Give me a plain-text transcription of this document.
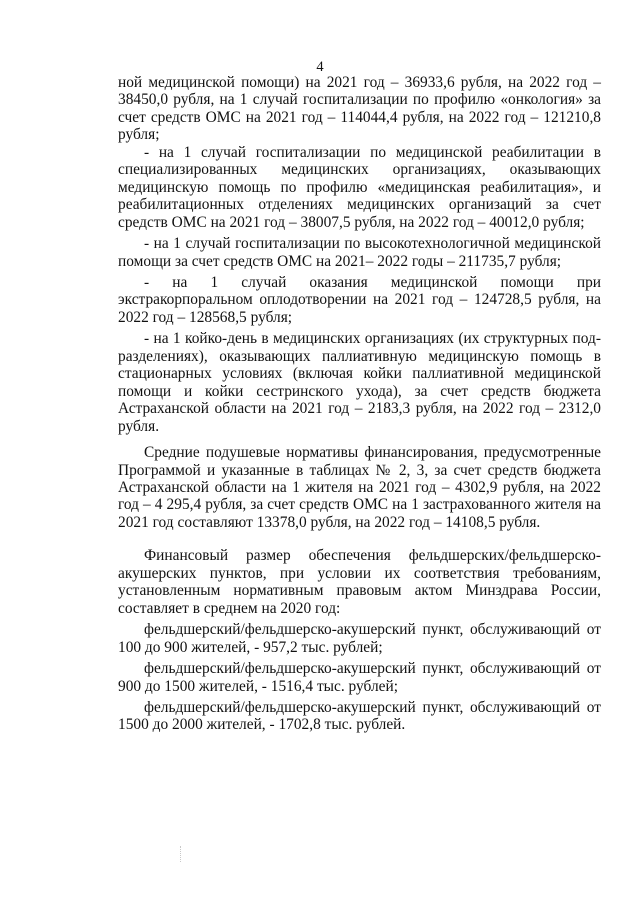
4

ной медицинской помощи) на 2021 год – 36933,6 рубля, на 2022 год – 38450,0 рубля, на 1 случай госпитализации по профилю «онкология» за счет средств ОМС на 2021 год – 114044,4 рубля, на 2022 год – 121210,8 рубля;

- на 1 случай госпитализации по медицинской реабилитации в специализированных медицинских организациях, оказывающих медицинскую помощь по профилю «медицинская реабилитация», и реабилитационных отделениях медицинских организаций за счет средств ОМС на 2021 год – 38007,5 рубля, на 2022 год – 40012,0 рубля;

- на 1 случай госпитализации по высокотехнологичной медицинской помощи за счет средств ОМС на 2021– 2022 годы – 211735,7 рубля;

- на 1 случай оказания медицинской помощи при экстракорпоральном оплодотворении на 2021 год – 124728,5 рубля, на 2022 год – 128568,5 рубля;

- на 1 койко-день в медицинских организациях (их структурных подразделениях), оказывающих паллиативную медицинскую помощь в стационарных условиях (включая койки паллиативной медицинской помощи и койки сестринского ухода), за счет средств бюджета Астраханской области на 2021 год – 2183,3 рубля, на 2022 год – 2312,0 рубля.

Средние подушевые нормативы финансирования, предусмотренные Программой и указанные в таблицах № 2, 3, за счет средств бюджета Астраханской области на 1 жителя на 2021 год – 4302,9 рубля, на 2022 год – 4 295,4 рубля, за счет средств ОМС на 1 застрахованного жителя на 2021 год составляют 13378,0 рубля, на 2022 год – 14108,5 рубля.

Финансовый размер обеспечения фельдшерских/фельдшерско-акушерских пунктов, при условии их соответствия требованиям, установленным нормативным правовым актом Минздрава России, составляет в среднем на 2020 год:

фельдшерский/фельдшерско-акушерский пункт, обслуживающий от 100 до 900 жителей, - 957,2 тыс. рублей;

фельдшерский/фельдшерско-акушерский пункт, обслуживающий от 900 до 1500 жителей, - 1516,4 тыс. рублей;

фельдшерский/фельдшерско-акушерский пункт, обслуживающий от 1500 до 2000 жителей, - 1702,8 тыс. рублей.
